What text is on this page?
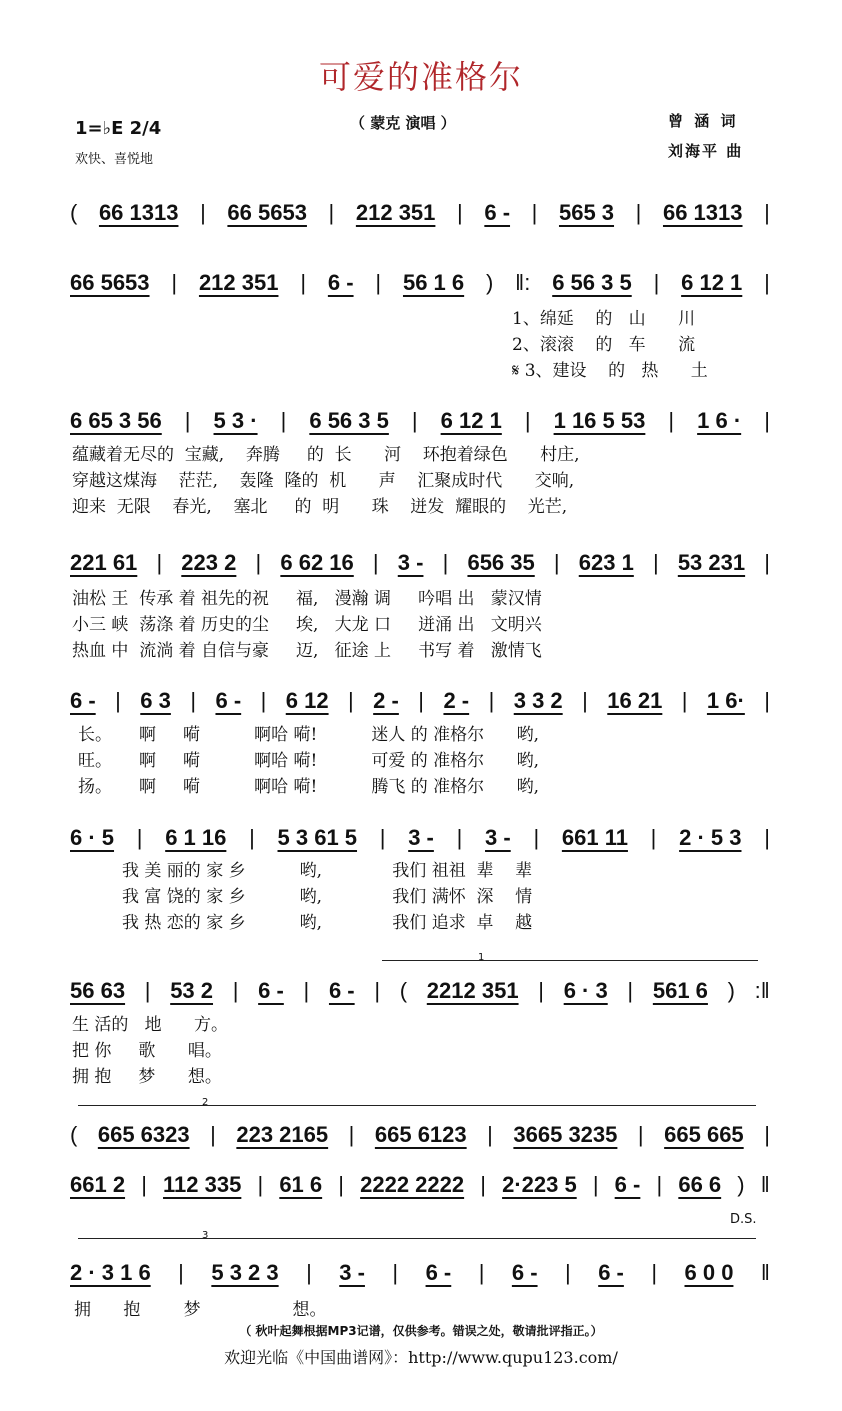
可爱的准格尔
1=♭E 2/4
欢快、喜悦地
（ 蒙克 演唱 ）	曾 涵 词
刘海平 曲
( 66 1313 | 66 5653 | 212 351 | 6 - | 565 3 | 66 1313 |
66 5653 | 212 351 | 6 - | 56 1 6 ) ‖: 6 56 3 5 | 6 12 1 |
1、绵延    的   山      川
2、滚滚    的   车      流
𝄋 3、建设    的   热      土
6 65 3 56 | 5 3 · | 6 56 3 5 | 6 12 1 | 1 16 5 53 | 1 6 · |
蕴藏着无尽的  宝藏,    奔腾     的  长      河    环抱着绿色      村庄,
穿越这煤海    茫茫,    轰隆  隆的  机      声    汇聚成时代      交响,
迎来  无限    春光,    塞北     的  明      珠    迸发  耀眼的    光芒,
221 61 | 223 2 | 6 62 16 | 3 - | 656 35 | 623 1 | 53 231 |
油松 王  传承 着 祖先的祝     福,   漫瀚 调     吟唱 出   蒙汉情
小三 峡  荡涤 着 历史的尘     埃,   大龙 口     迸涌 出   文明兴
热血 中  流淌 着 自信与豪     迈,   征途 上     书写 着   激情飞
6 - | 6 3 | 6 - | 6 12 | 2 - | 2 - | 3 3 2 | 16 21 | 1 6· |
长。     啊     嗬          啊哈 嗬!          迷人 的 准格尔      哟,
旺。     啊     嗬          啊哈 嗬!          可爱 的 准格尔      哟,
扬。     啊     嗬          啊哈 嗬!          腾飞 的 准格尔      哟,
6 · 5 | 6 1 16 | 5 3 61 5 | 3 - | 3 - | 661 11 | 2 · 5 3 |
我 美 丽的 家 乡          哟,             我们 祖祖  辈    辈
我 富 饶的 家 乡          哟,             我们 满怀  深    情
我 热 恋的 家 乡          哟,             我们 追求  卓    越
1
56 63 | 53 2 | 6 - | 6 - | ( 2212 351 | 6 · 3 | 561 6 ) :‖
生 活的   地      方。
把 你     歌      唱。
拥 抱     梦      想。
2
( 665 6323 | 223 2165 | 665 6123 | 3665 3235 | 665 665 |
661 2 | 112 335 | 61 6 | 2222 2222 | 2·223 5 | 6 - | 66 6 ) ‖
D.S.
3
2 · 3 1 6 | 5 3 2 3 | 3 - | 6 - | 6 - | 6 - | 6 0 0 ‖
拥      抱        梦                 想。
（ 秋叶起舞根据MP3记谱，仅供参考。错误之处，敬请批评指正。）
欢迎光临《中国曲谱网》：http://www.qupu123.com/
